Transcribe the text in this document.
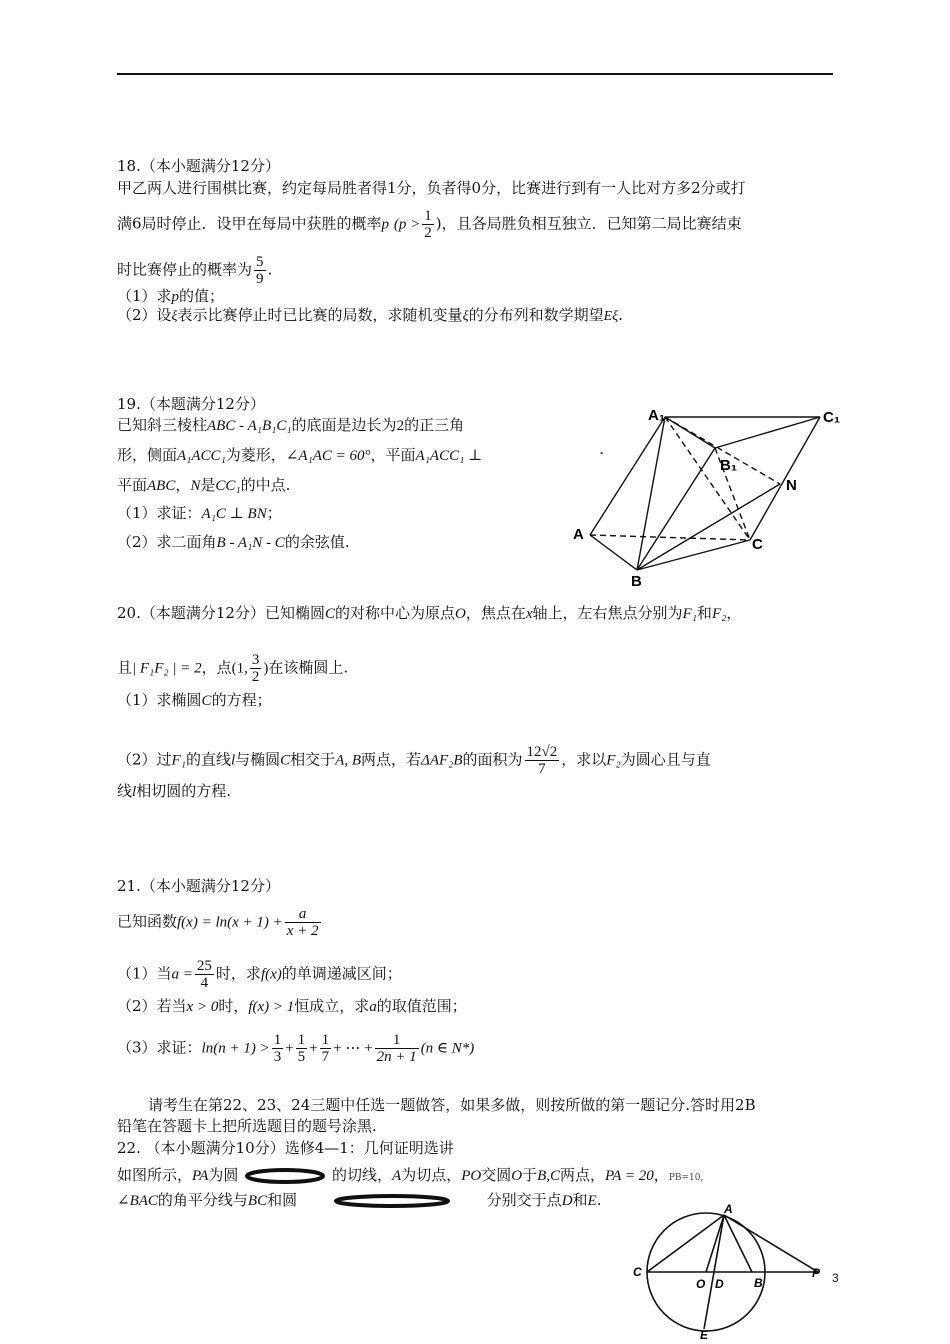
18.（本小题满分12分）
甲乙两人进行围棋比赛，约定每局胜者得1分，负者得0分，比赛进行到有一人比对方多2分或打
满6局时停止．设甲在每局中获胜的概率p ($p > \frac{1}{2}$ )，且各局胜负相互独立．已知第二局比赛结束
时比赛停止的概率为 $\frac{5}{9}$ .
（1）求p的值；
（2）设ξ表示比赛停止时已比赛的局数，求随机变量ξ的分布列和数学期望Eξ.
19.（本题满分12分）
已知斜三棱柱ABC - A₁B₁C₁的底面是边长为2的正三角
形，侧面A₁ACC₁为菱形，∠A₁AC = 60°，平面A₁ACC₁ ⊥
平面ABC，N是CC₁的中点.
（1）求证：A₁C ⊥ BN；
（2）求二面角B - A₁N - C的余弦值.
A₁	C₁
B₁
N
A
C
B
·
20.（本题满分12分）已知椭圆C的对称中心为原点O，焦点在x轴上，左右焦点分别为F₁和F₂，
且| F₁F₂ | = 2，点(1, $\frac{3}{2}$ )在该椭圆上.
（1）求椭圆C的方程；
（2）过F₁的直线l与椭圆C相交于A, B两点，若ΔAF₂B的面积为 $\frac{12√2}{7}$ ，求以F₂为圆心且与直
线l相切圆的方程.
21.（本小题满分12分）
已知函数$f(x) = \ln(x + 1) + \frac{a}{x + 2}$
（1）当$a = \frac{25}{4}$ 时，求f(x)的单调递减区间；
（2）若当x > 0时，f(x) > 1恒成立，求a的取值范围；
（3）求证：$\ln(n + 1) > \frac{1}{3} + \frac{1}{5} + \frac{1}{7}$ + ⋯ + $\frac{1}{2n + 1} (n$ ∈ N*)
请考生在第22、23、24三题中任选一题做答，如果多做，则按所做的第一题记分.答时用2B
铅笔在答题卡上把所选题目的题号涂黑.
22. （本小题满分10分）选修4—1：几何证明选讲
如图所示，PA为圆	的切线，A为切点，PO交圆O于B,C两点，PA = 20，PB=10,
∠BAC的角平分线与BC和圆	分别交于点D和E.	A
C
O D	B
P
E
3
